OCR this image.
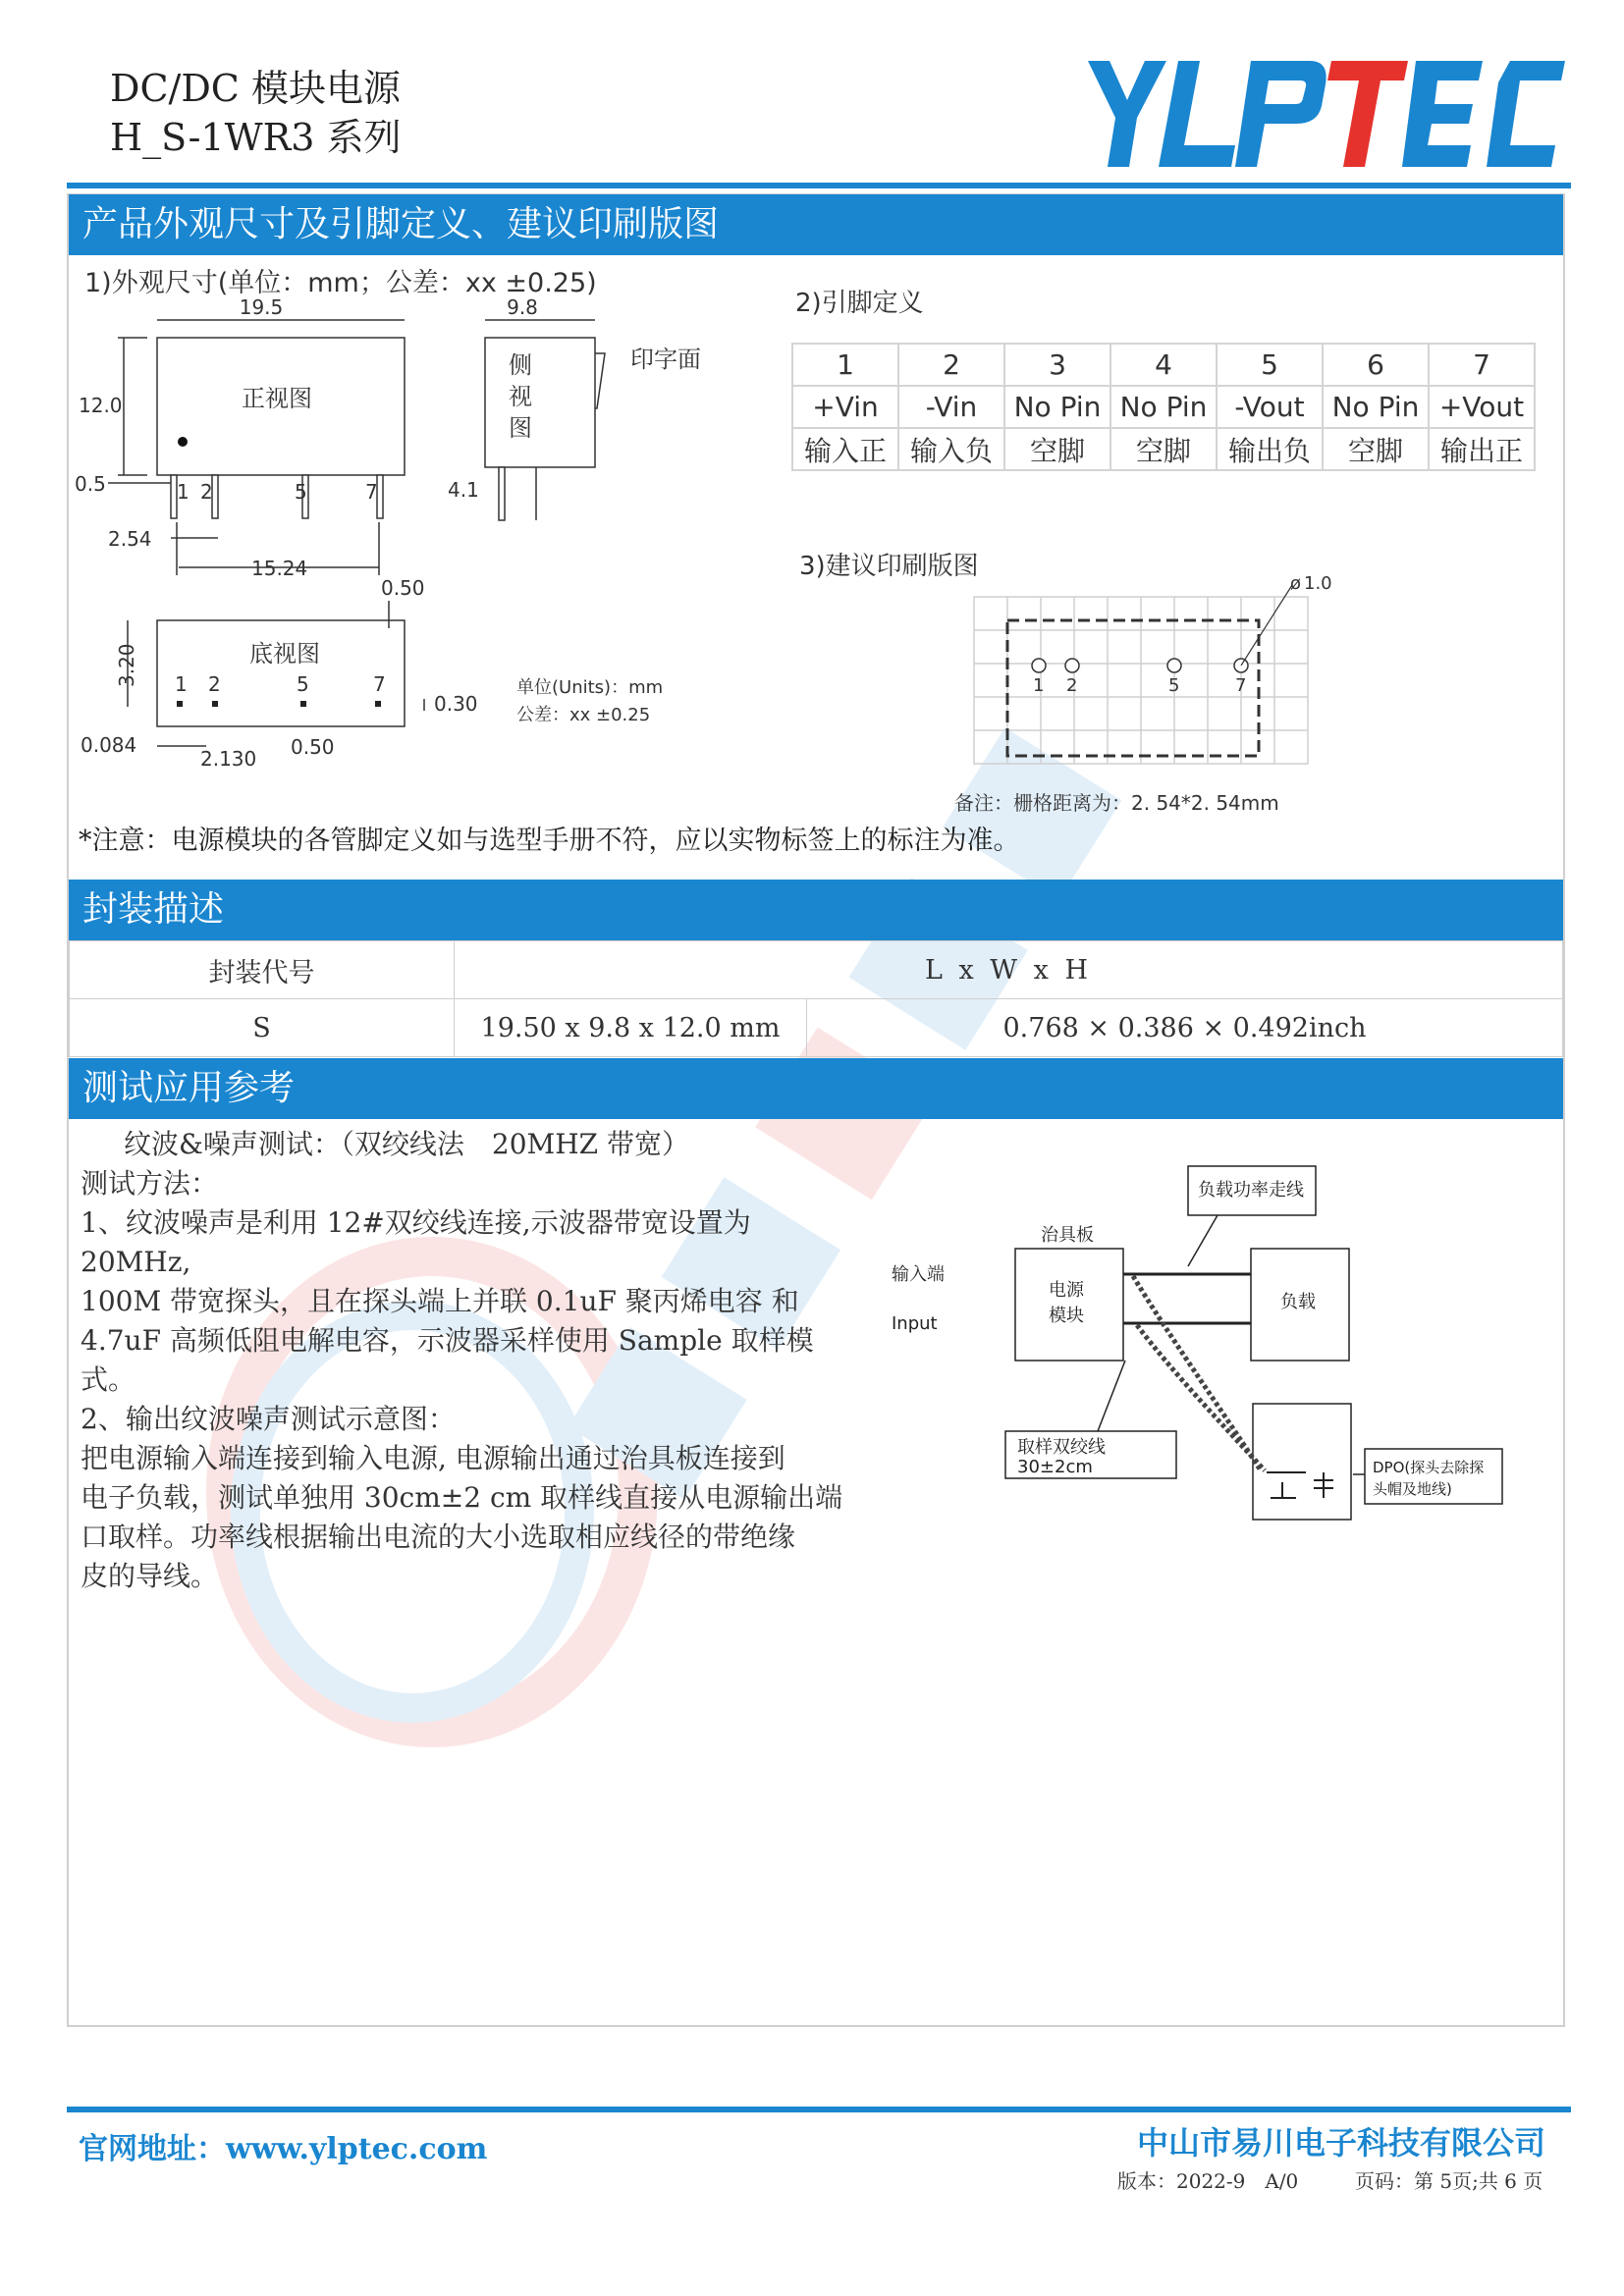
DC/DC 模块电源
H_S-1WR3 系列
产品外观尺寸及引脚定义、建议印刷版图
1)外观尺寸(单位：mm；公差：xx ±0.25)
19.5
12.0
0.5
2.54
15.24
9.8
4.1
0.50
3.20
0.30
0.084
2.130 0.50
1 2	5	7
1 2	5	7
正视图
侧
视
图
印字面
底视图
单位(Units)：mm
公差：xx ±0.25
2)引脚定义
1	2	3	4	5	6	7
+Vin	-Vin	No Pin	No Pin	-Vout	No Pin	+Vout
输入正	输入负	空脚	空脚	输出负	空脚	输出正
3)建议印刷版图
1 2	5	7
ø 1.0
备注：栅格距离为：2. 54*2. 54mm
*注意：电源模块的各管脚定义如与选型手册不符，应以实物标签上的标注为准。
封装描述
封装代号	L x W x H	
S	19.50 x 9.8 x 12.0 mm	0.768 × 0.386 × 0.492inch
测试应用参考
纹波&噪声测试：（双绞线法　20MHZ 带宽）
测试方法：
1、纹波噪声是利用 12#双绞线连接,示波器带宽设置为 20MHz,
100M 带宽探头，且在探头端上并联 0.1uF 聚丙烯电容 和
4.7uF 高频低阻电解电容，示波器采样使用 Sample 取样模
式。
2、输出纹波噪声测试示意图：
把电源输入端连接到输入电源, 电源输出通过治具板连接到
电子负载，测试单独用 30cm±2 cm 取样线直接从电源输出端
口取样。功率线根据输出电流的大小选取相应线径的带绝缘
皮的导线。
负载功率走线
治具板
输入端
Input
电源
模块
负载
取样双绞线
30±2cm	DPO(探头去除探
头帽及地线)
官网地址：www.ylptec.com	中山市易川电子科技有限公司
版本：2022-9　A/0	页码：第 5页;共 6 页
